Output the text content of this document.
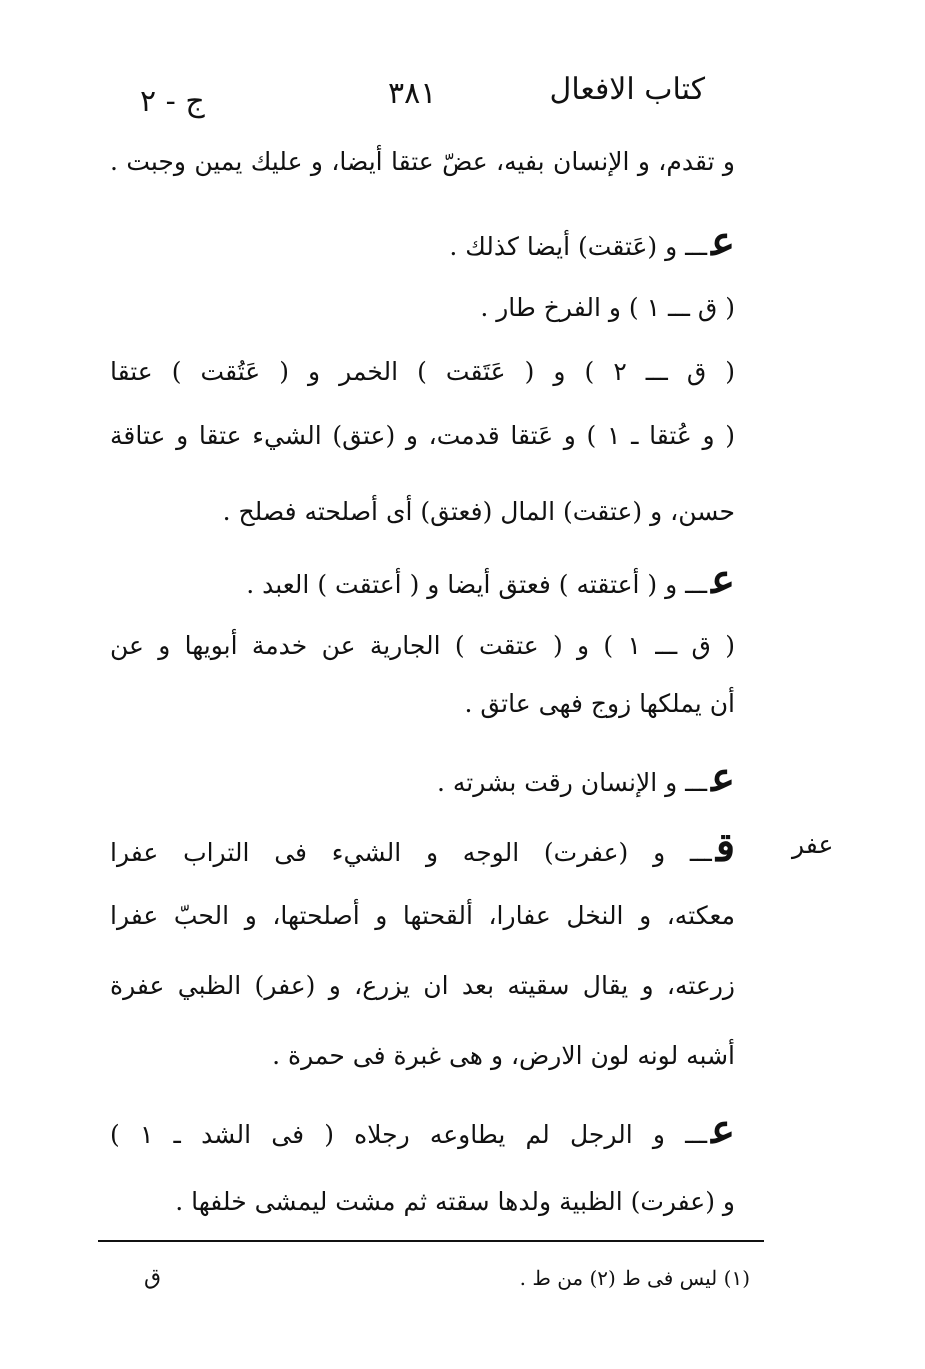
كتاب الافعال
٣٨١
ج - ٢
و تقدم، و الإنسان بفيه، عضّ عتقا أيضا، و عليك يمين وجبت .
عـــ و (عَتقت) أيضا كذلك .
( ق ـــ ١ ) و الفرخ طار .
( ق ـــ ٢ ) و ( عَتَقت ) الخمر و ( عَتُقت ) عتقا
( و عُتقا ـ ١ ) و عَتقا قدمت، و (عتق) الشيء عتقا و عتاقة
حسن، و (عتقت) المال (فعتق) أى أصلحته فصلح .
عـــ و ( أعتقته ) فعتق أيضا و ( أعتقت ) العبد .
( ق ـــ ١ ) و ( عتقت ) الجارية عن خدمة أبويها و عن
أن يملكها زوج فهى عاتق .
عـــ و الإنسان رقت بشرته .
عفر
قـــ و (عفرت) الوجه و الشيء فى التراب عفرا
معكته، و النخل عفارا، ألقحتها و أصلحتها، و الحبّ عفرا
زرعته، و يقال سقيته بعد ان يزرع، و (عفر) الظبي عفرة
أشبه لونه لون الارض، و هى غبرة فى حمرة .
عـــ و الرجل لم يطاوعه رجلاه ( فى الشد ـ ١ )
و (عفرت) الظبية ولدها سقته ثم مشت ليمشى خلفها .
(١) ليس فى ط (٢) من ط .
ق
